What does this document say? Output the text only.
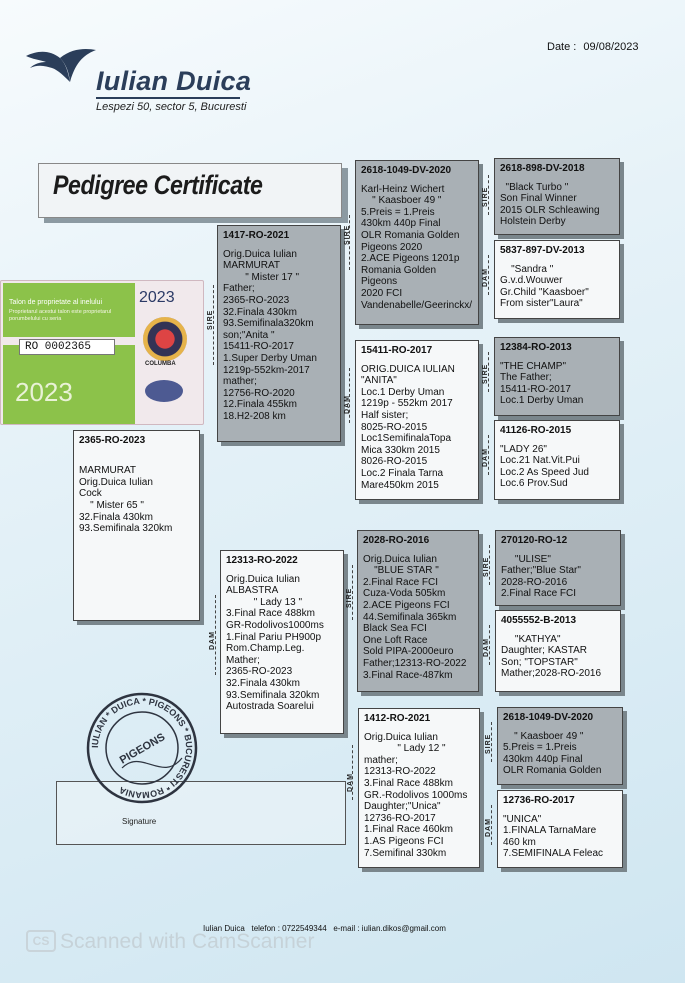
Iulian Duica
Lespezi 50, sector 5, Bucuresti
Date : 09/08/2023
Pedigree Certificate
2365-RO-2023

MARMURAT
Orig.Duica Iulian
Cock
" Mister 65 "
32.Finala 430km
93.Semifinala 320km
1417-RO-2021
Orig.Duica Iulian
MARMURAT
" Mister 17 "
Father;
2365-RO-2023
32.Finala 430km
93.Semifinala320km
son;"Anita "
15411-RO-2017
1.Super Derby Uman
1219p-552km-2017
mather;
12756-RO-2020
12.Finala 455km
18.H2-208 km
SIRE
12313-RO-2022
Orig.Duica Iulian
ALBASTRA
" Lady 13 "
3.Final Race 488km
GR-Rodolivos1000ms
1.Final Pariu PH900p
Rom.Champ.Leg.
Mather;
2365-RO-2023
32.Finala 430km
93.Semifinala 320km
Autostrada Soarelui
DAM
2618-1049-DV-2020
Karl-Heinz Wichert
" Kaasboer 49 "
5.Preis = 1.Preis
430km 440p Final
OLR Romania Golden
Pigeons 2020
2.ACE Pigeons 1201p
Romania Golden
Pigeons
2020 FCI
Vandenabelle/Geerinckx/
SIRE
15411-RO-2017
ORIG.DUICA IULIAN
"ANITA"
Loc.1 Derby Uman
1219p - 552km 2017
Half sister;
8025-RO-2015
Loc1SemifinalaTopa
Mica 330km 2015
8026-RO-2015
Loc.2 Finala Tarna
Mare450km 2015
DAM
2028-RO-2016
Orig.Duica Iulian
"BLUE STAR "
2.Final Race FCI
Cuza-Voda 505km
2.ACE Pigeons FCI
44.Semifinala 365km
Black Sea FCI
One Loft Race
Sold PIPA-2000euro
Father;12313-RO-2022
3.Final Race-487km
SIRE
1412-RO-2021
Orig.Duica Iulian
" Lady 12 "
mather;
12313-RO-2022
3.Final Race 488km
GR.-Rodolivos 1000ms
Daughter;"Unica"
12736-RO-2017
1.Final Race 460km
1.AS Pigeons FCI
7.Semifinal 330km
DAM
2618-898-DV-2018
"Black Turbo "
Son Final Winner
2015 OLR Schleawing
Holstein Derby
SIRE
5837-897-DV-2013
"Sandra "
G.v.d.Wouwer
Gr.Child "Kaasboer"
From sister"Laura"
DAM
12384-RO-2013
"THE CHAMP"
The Father;
15411-RO-2017
Loc.1 Derby Uman
SIRE
41126-RO-2015
"LADY 26"
Loc.21 Nat.Vit.Pui
Loc.2 As Speed Jud
Loc.6 Prov.Sud
DAM
270120-RO-12
"ULISE"
Father;"Blue Star"
2028-RO-2016
2.Final Race FCI
SIRE
4055552-B-2013
"KATHYA"
Daughter; KASTAR
Son; "TOPSTAR"
Mather;2028-RO-2016
DAM
2618-1049-DV-2020
" Kaasboer 49 "
5.Preis = 1.Preis
430km 440p Final
OLR Romania Golden
SIRE
12736-RO-2017
"UNICA"
1.FINALA TarnaMare
460 km
7.SEMIFINALA Feleac
DAM
Talon de proprietate al inelului
Proprietarul acestui talon este proprietarul porumbelului cu seria
RO 0002365
2023
2023
COLUMBA
IULIAN * DUICA * PIGEONS * BUCURESTI * ROMANIA
PIGEONS
Signature
Iulian Duica   telefon : 0722549344   e-mail : iulian.dikos@gmail.com
CS Scanned with CamScanner
